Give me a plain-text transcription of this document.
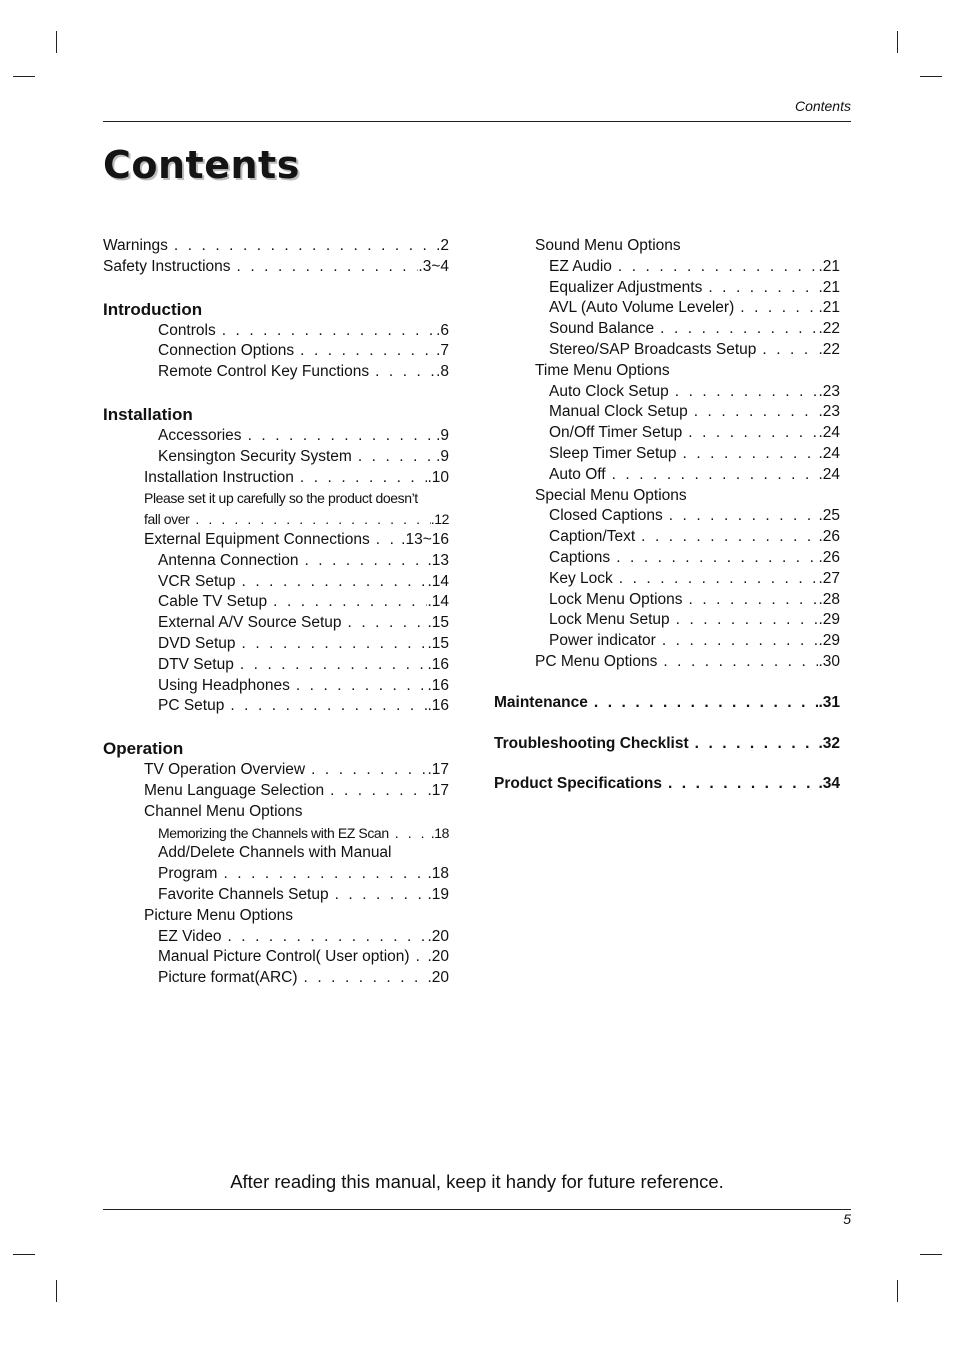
Contents
Contents
Warnings . . .	.2
Safety Instructions . . .	.3~4
Introduction
Controls . . .	.6
Connection Options . . .	.7
Remote Control Key Functions . . .	.8
Installation
Accessories . . .	.9
Kensington Security System . . .	.9
Installation Instruction . . .	.10
Please set it up carefully so the product doesn’t
fall over . . .	.12
External Equipment Connections . . . .13~16
Antenna Connection . . .	.13
VCR Setup . . .	.14
Cable TV Setup . . .	.14
External A/V Source Setup . . .	.15
DVD Setup . . .	.15
DTV Setup . . .	.16
Using Headphones . . .	.16
PC Setup . . .	.16
Operation
TV Operation Overview . . .	.17
Menu Language Selection . . .	.17
Channel Menu Options
Memorizing the Channels with EZ Scan . . .	.18
Add/Delete Channels with Manual
Program . . .	.18
Favorite Channels Setup . . .	.19
Picture Menu Options
EZ Video . . .	.20
Manual Picture Control( User option) . . . .20
Picture format(ARC) . . .	.20
Sound Menu Options
EZ Audio . . .	.21
Equalizer Adjustments . . .	.21
AVL (Auto Volume Leveler) . . .	.21
Sound Balance . . .	.22
Stereo/SAP Broadcasts Setup . . .	.22
Time Menu Options
Auto Clock Setup . . .	.23
Manual Clock Setup . . .	.23
On/Off Timer Setup . . .	.24
Sleep Timer Setup . . .	.24
Auto Off . . .	.24
Special Menu Options
Closed Captions . . .	.25
Caption/Text . . .	.26
Captions . . .	.26
Key Lock . . .	.27
Lock Menu Options . . .	.28
Lock Menu Setup . . .	.29
Power indicator . . .	.29
PC Menu Options . . .	.30
Maintenance . . .	.31
Troubleshooting Checklist . . .	.32
Product Specifications . . .	.34
After reading this manual, keep it handy for future reference.
5
